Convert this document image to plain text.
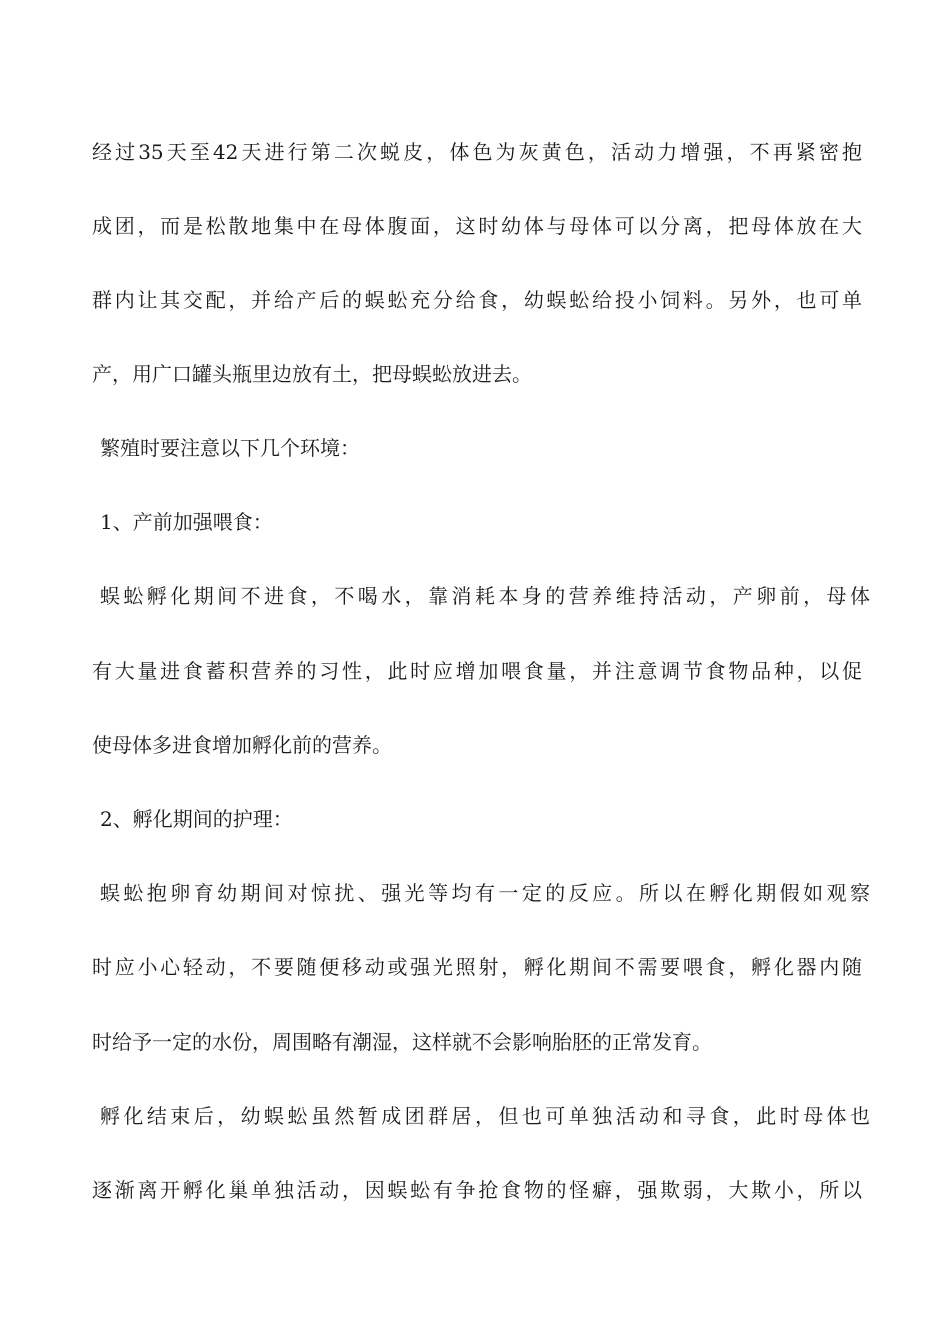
经过35天至42天进行第二次蜕皮，体色为灰黄色，活动力增强，不再紧密抱
成团，而是松散地集中在母体腹面，这时幼体与母体可以分离，把母体放在大
群内让其交配，并给产后的蜈蚣充分给食，幼蜈蚣给投小饲料。另外，也可单
产，用广口罐头瓶里边放有土，把母蜈蚣放进去。
繁殖时要注意以下几个环境：
1、产前加强喂食：
蜈蚣孵化期间不进食，不喝水，靠消耗本身的营养维持活动，产卵前，母体
有大量进食蓄积营养的习性，此时应增加喂食量，并注意调节食物品种，以促
使母体多进食增加孵化前的营养。
2、孵化期间的护理：
蜈蚣抱卵育幼期间对惊扰、强光等均有一定的反应。所以在孵化期假如观察
时应小心轻动，不要随便移动或强光照射，孵化期间不需要喂食，孵化器内随
时给予一定的水份，周围略有潮湿，这样就不会影响胎胚的正常发育。
孵化结束后，幼蜈蚣虽然暂成团群居，但也可单独活动和寻食，此时母体也
逐渐离开孵化巢单独活动，因蜈蚣有争抢食物的怪癖，强欺弱，大欺小，所以
